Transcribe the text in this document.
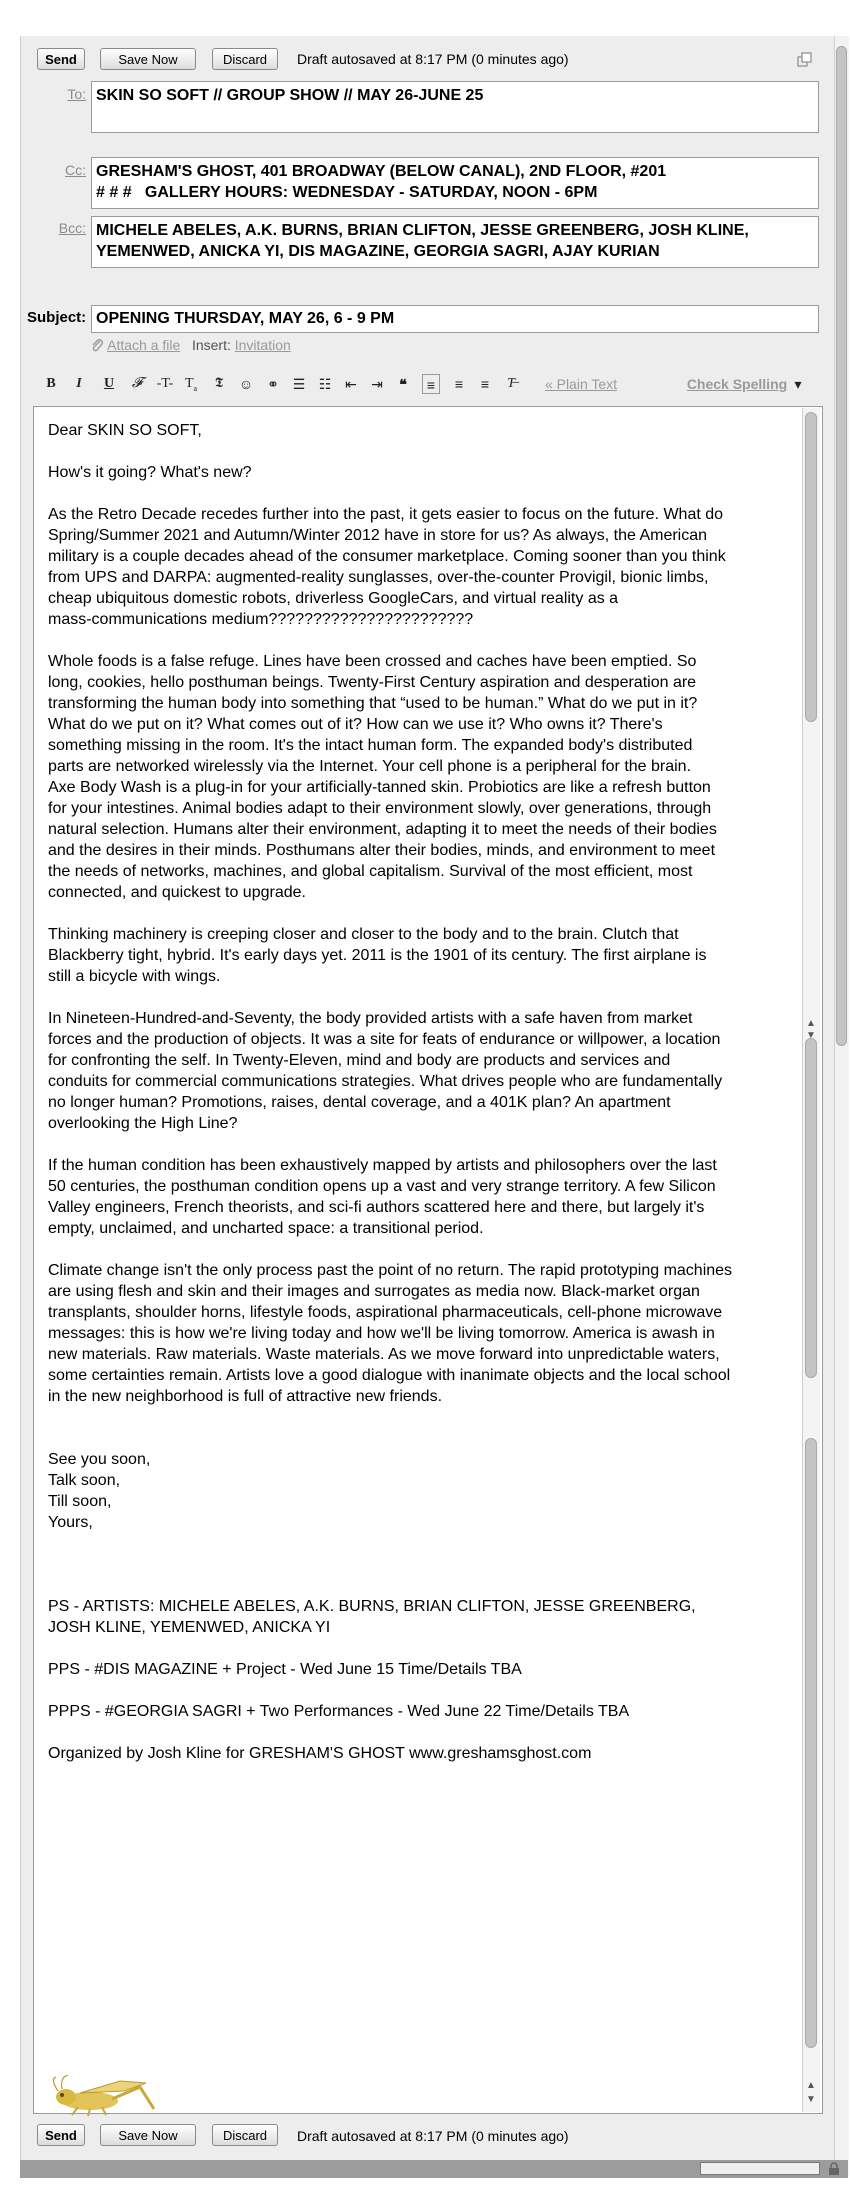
Send	Save Now	Discard	Draft autosaved at 8:17 PM (0 minutes ago)
To: SKIN SO SOFT // GROUP SHOW // MAY 26-JUNE 25
Cc: GRESHAM'S GHOST, 401 BROADWAY (BELOW CANAL), 2ND FLOOR, #201
# # #   GALLERY HOURS: WEDNESDAY - SATURDAY, NOON - 6PM
Bcc: MICHELE ABELES, A.K. BURNS, BRIAN CLIFTON, JESSE GREENBERG, JOSH KLINE,
YEMENWED, ANICKA YI, DIS MAGAZINE, GEORGIA SAGRI, AJAY KURIAN
Subject: OPENING THURSDAY, MAY 26, 6 - 9 PM
Attach a file Insert: Invitation
B	I	U	𝓕	-T- $T_a$	𝕿	☺ ⚭ ☰ ☷ ⇤ ⇥	❝	≡	≡	≡	T̶	« Plain Text	Check Spelling ▾

Dear SKIN SO SOFT,

How's it going? What's new?

As the Retro Decade recedes further into the past, it gets easier to focus on the future. What do
Spring/Summer 2021 and Autumn/Winter 2012 have in store for us? As always, the American
military is a couple decades ahead of the consumer marketplace. Coming sooner than you think
from UPS and DARPA: augmented-reality sunglasses, over-the-counter Provigil, bionic limbs,
cheap ubiquitous domestic robots, driverless GoogleCars, and virtual reality as a
mass-communications medium???????????????????????

Whole foods is a false refuge. Lines have been crossed and caches have been emptied. So
long, cookies, hello posthuman beings. Twenty-First Century aspiration and desperation are
transforming the human body into something that “used to be human.” What do we put in it?
What do we put on it? What comes out of it? How can we use it? Who owns it? There's
something missing in the room. It's the intact human form. The expanded body's distributed
parts are networked wirelessly via the Internet. Your cell phone is a peripheral for the brain.
Axe Body Wash is a plug-in for your artificially-tanned skin. Probiotics are like a refresh button
for your intestines. Animal bodies adapt to their environment slowly, over generations, through
natural selection. Humans alter their environment, adapting it to meet the needs of their bodies
and the desires in their minds. Posthumans alter their bodies, minds, and environment to meet
the needs of networks, machines, and global capitalism. Survival of the most efficient, most
connected, and quickest to upgrade.

Thinking machinery is creeping closer and closer to the body and to the brain. Clutch that
Blackberry tight, hybrid. It's early days yet. 2011 is the 1901 of its century. The first airplane is
still a bicycle with wings.

In Nineteen-Hundred-and-Seventy, the body provided artists with a safe haven from market
forces and the production of objects. It was a site for feats of endurance or willpower, a location
for confronting the self. In Twenty-Eleven, mind and body are products and services and
conduits for commercial communications strategies. What drives people who are fundamentally
no longer human? Promotions, raises, dental coverage, and a 401K plan? An apartment
overlooking the High Line?

If the human condition has been exhaustively mapped by artists and philosophers over the last
50 centuries, the posthuman condition opens up a vast and very strange territory. A few Silicon
Valley engineers, French theorists, and sci-fi authors scattered here and there, but largely it's
empty, unclaimed, and uncharted space: a transitional period.

Climate change isn't the only process past the point of no return. The rapid prototyping machines
are using flesh and skin and their images and surrogates as media now. Black-market organ
transplants, shoulder horns, lifestyle foods, aspirational pharmaceuticals, cell-phone microwave
messages: this is how we're living today and how we'll be living tomorrow. America is awash in
new materials. Raw materials. Waste materials. As we move forward into unpredictable waters,
some certainties remain. Artists love a good dialogue with inanimate objects and the local school
in the new neighborhood is full of attractive new friends.

See you soon,
Talk soon,
Till soon,
Yours,

PS - ARTISTS: MICHELE ABELES, A.K. BURNS, BRIAN CLIFTON, JESSE GREENBERG,
JOSH KLINE, YEMENWED, ANICKA YI

PPS - #DIS MAGAZINE + Project - Wed June 15 Time/Details TBA

PPPS - #GEORGIA SAGRI + Two Performances - Wed June 22 Time/Details TBA

Organized by Josh Kline for GRESHAM'S GHOST www.greshamsghost.com

▲
▼
▲
▼
Send	Save Now	Discard	Draft autosaved at 8:17 PM (0 minutes ago)
